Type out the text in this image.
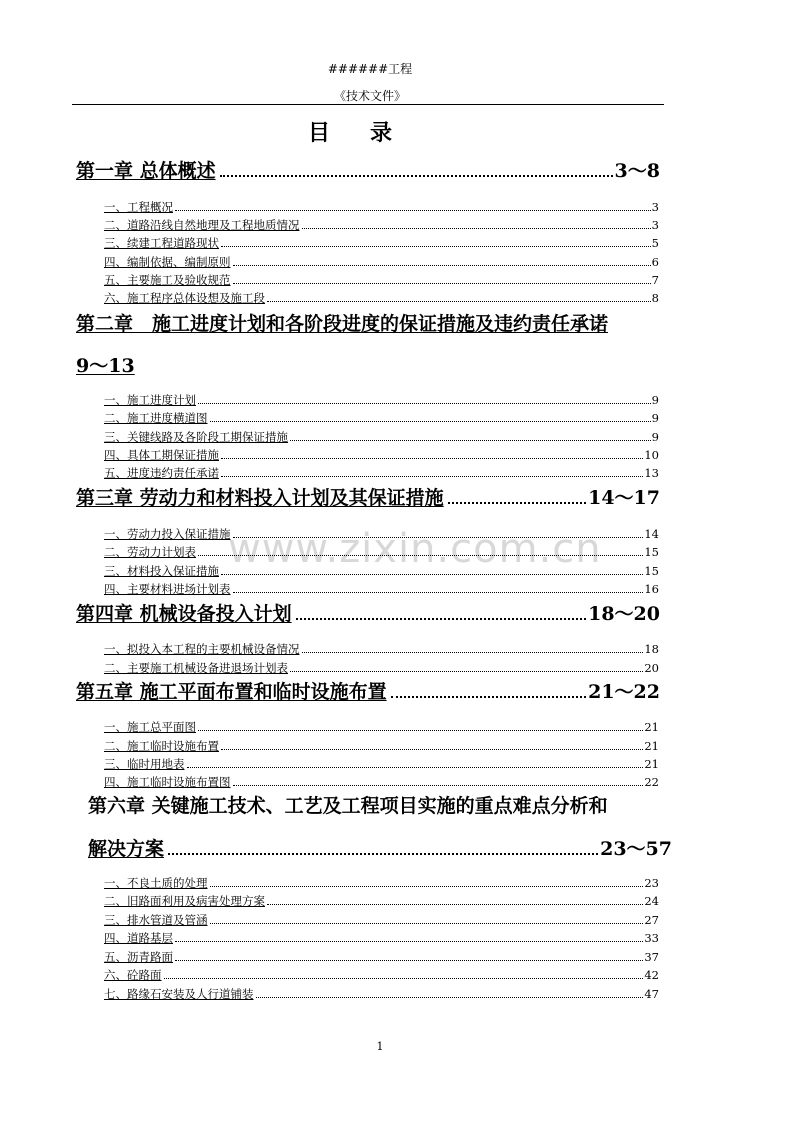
######工程
《技术文件》
目录
www.zixin.com.cn
第一章 总体概述	3～8
一、工程概况	3
二、道路沿线自然地理及工程地质情况	3
三、续建工程道路现状	5
四、编制依据、编制原则	6
五、主要施工及验收规范	7
六、施工程序总体设想及施工段	8
第二章　施工进度计划和各阶段进度的保证措施及违约责任承诺
9～13
一、施工进度计划	9
二、施工进度横道图	9
三、关键线路及各阶段工期保证措施	9
四、具体工期保证措施	10
五、进度违约责任承诺	13
第三章 劳动力和材料投入计划及其保证措施	14～17
一、劳动力投入保证措施	14
二、劳动力计划表	15
三、材料投入保证措施	15
四、主要材料进场计划表	16
第四章 机械设备投入计划	18～20
一、拟投入本工程的主要机械设备情况	18
二、主要施工机械设备进退场计划表	20
第五章 施工平面布置和临时设施布置	21～22
一、施工总平面图	21
二、施工临时设施布置	21
三、临时用地表	21
四、施工临时设施布置图	22
第六章 关键施工技术、工艺及工程项目实施的重点难点分析和
解决方案	23～57
一、不良土质的处理	23
二、旧路面利用及病害处理方案	24
三、排水管道及管涵	27
四、道路基层	33
五、沥青路面	37
六、砼路面	42
七、路缘石安装及人行道铺装	47
1
